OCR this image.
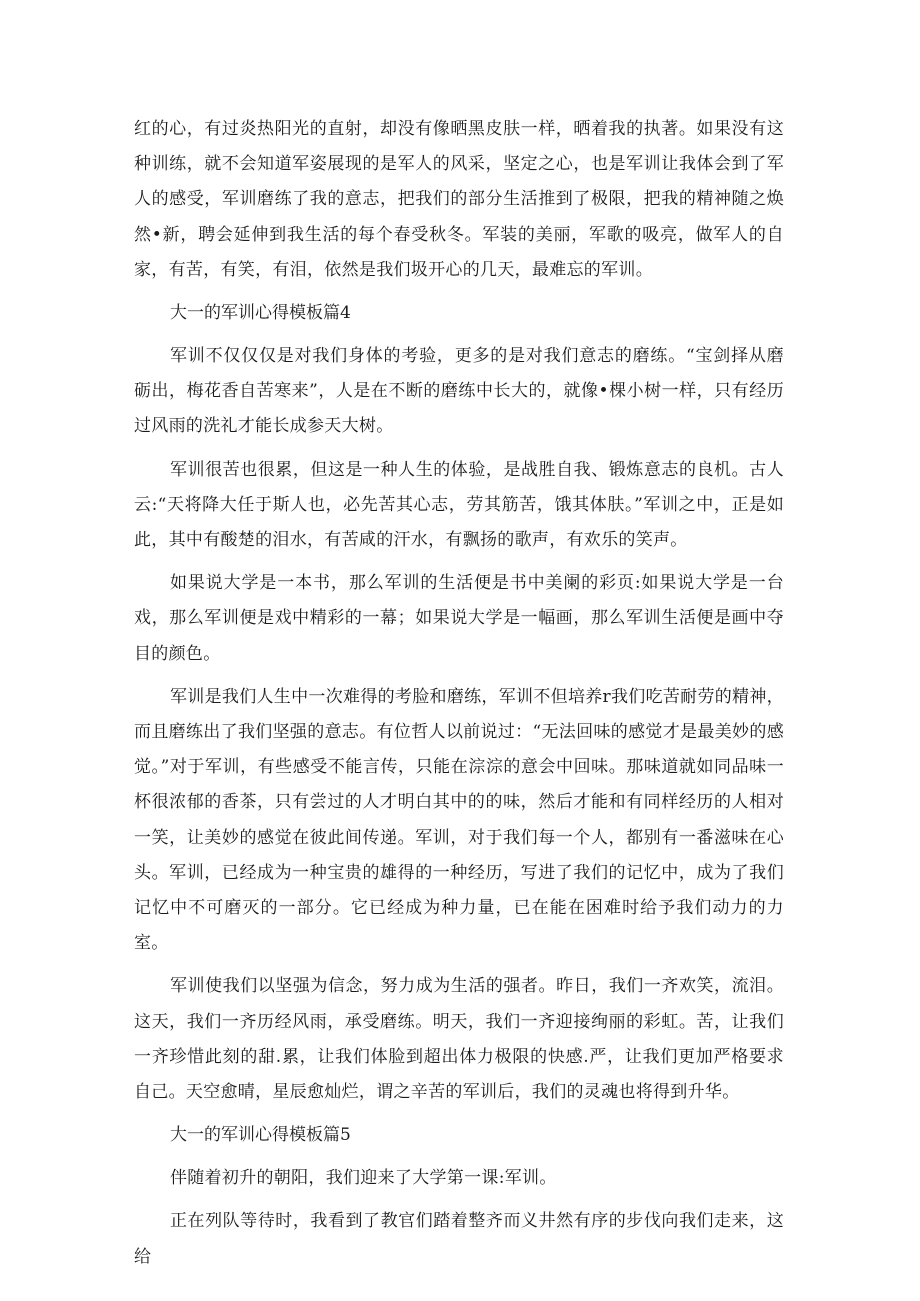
红的心，有过炎热阳光的直射，却没有像晒黑皮肤一样，晒着我的执著。如果没有这种训练，就不会知道军姿展现的是军人的风采，坚定之心，也是军训让我体会到了军人的感受，军训磨练了我的意志，把我们的部分生活推到了极限，把我的精神随之焕然•新，聘会延伸到我生活的每个春受秋冬。军装的美丽，军歌的吸亮，做军人的自家，有苦，有笑，有泪，依然是我们圾开心的几天，最难忘的军训。

大一的军训心得模板篇4

军训不仅仅仅是对我们身体的考验，更多的是对我们意志的磨练。“宝剑择从磨砺出，梅花香自苦寒来”，人是在不断的磨练中长大的，就像•棵小树一样，只有经历过风雨的洗礼才能长成参天大树。

军训很苦也很累，但这是一种人生的体验，是战胜自我、锻炼意志的良机。古人云:“天将降大任于斯人也，必先苦其心志，劳其筋苦，饿其体肤。”军训之中，正是如此，其中有酸楚的泪水，有苦咸的汗水，有飘扬的歌声，有欢乐的笑声。

如果说大学是一本书，那么军训的生活便是书中美阑的彩页:如果说大学是一台戏，那么军训便是戏中精彩的一幕；如果说大学是一幅画，那么军训生活便是画中夺目的颜色。

军训是我们人生中一次难得的考脸和磨练，军训不但培养r我们吃苦耐劳的精神，而且磨练出了我们坚强的意志。有位哲人以前说过：“无法回味的感觉才是最美妙的感觉。”对于军训，有些感受不能言传，只能在淙淙的意会中回味。那味道就如同品味一杯很浓郁的香茶，只有尝过的人才明白其中的的味，然后才能和有同样经历的人相对一笑，让美妙的感觉在彼此间传递。军训，对于我们每一个人，都别有一番滋味在心头。军训，已经成为一种宝贵的雄得的一种经历，写进了我们的记忆中，成为了我们记忆中不可磨灭的一部分。它已经成为种力量，已在能在困难时给予我们动力的力室。

军训使我们以坚强为信念，努力成为生活的强者。昨日，我们一齐欢笑，流泪。这天，我们一齐历经风雨，承受磨练。明天，我们一齐迎接绚丽的彩虹。苦，让我们一齐珍惜此刻的甜.累，让我们体脸到超出体力极限的快感.严，让我们更加严格要求自己。天空愈晴，星辰愈灿烂，谓之辛苦的军训后，我们的灵魂也将得到升华。

大一的军训心得模板篇5

伴随着初升的朝阳，我们迎来了大学第一课:军训。

正在列队等待时，我看到了教官们踏着整齐而义井然有序的步伐向我们走来，这给
